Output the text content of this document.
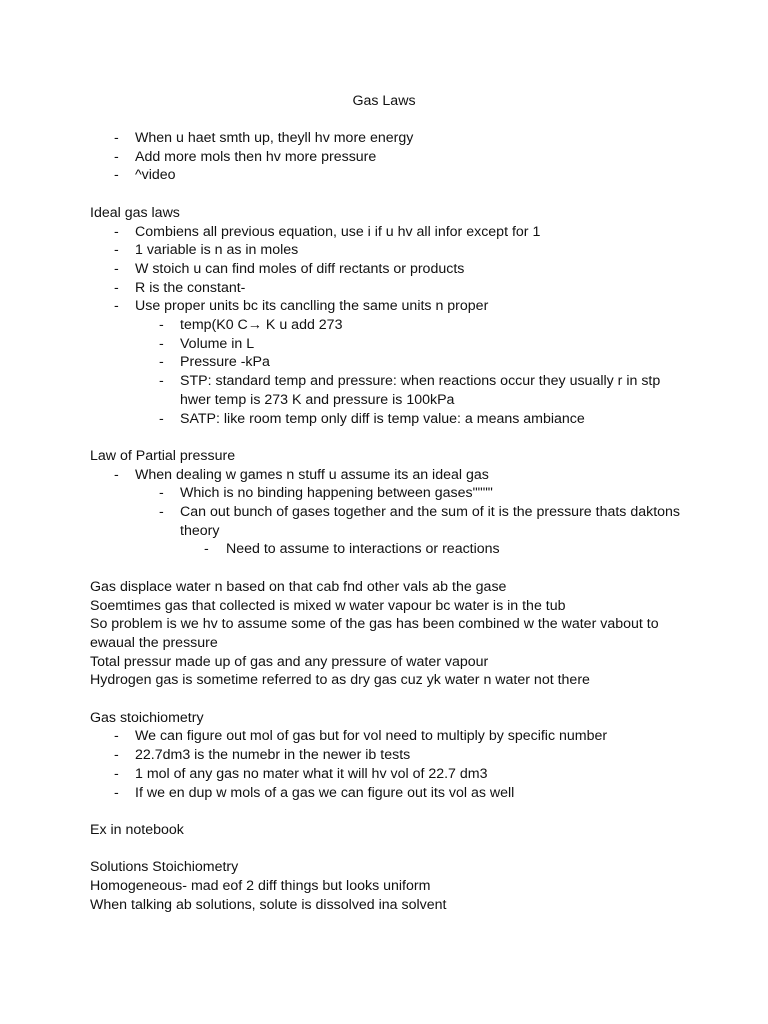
Gas Laws

- When u haet smth up, theyll hv more energy
- Add more mols then hv more pressure
- ^video

Ideal gas laws

- Combiens all previous equation, use i if u hv all infor except for 1
- 1 variable is n as in moles
- W stoich u can find moles of diff rectants or products
- R is the constant-
- Use proper units bc its canclling the same units n proper
- temp(K0 C→ K u add 273
- Volume in L
- Pressure -kPa
- STP: standard temp and pressure: when reactions occur they usually r in stp
hwer temp is 273 K and pressure is 100kPa
- SATP: like room temp only diff is temp value: a means ambiance

Law of Partial pressure

- When dealing w games n stuff u assume its an ideal gas
- Which is no binding happening between gases""""
- Can out bunch of gases together and the sum of it is the pressure thats daktons
theory
- Need to assume to interactions or reactions

Gas displace water n based on that cab fnd other vals ab the gase

Soemtimes gas that collected is mixed w water vapour bc water is in the tub

So problem is we hv to assume some of the gas has been combined w the water vabout to

ewaual the pressure

Total pressur made up of gas and any pressure of water vapour

Hydrogen gas is sometime referred to as dry gas cuz yk water n water not there

Gas stoichiometry

- We can figure out mol of gas but for vol need to multiply by specific number
- 22.7dm3 is the numebr in the newer ib tests
- 1 mol of any gas no mater what it will hv vol of 22.7 dm3
- If we en dup w mols of a gas we can figure out its vol as well

Ex in notebook

Solutions Stoichiometry

Homogeneous- mad eof 2 diff things but looks uniform

When talking ab solutions, solute is dissolved ina solvent
